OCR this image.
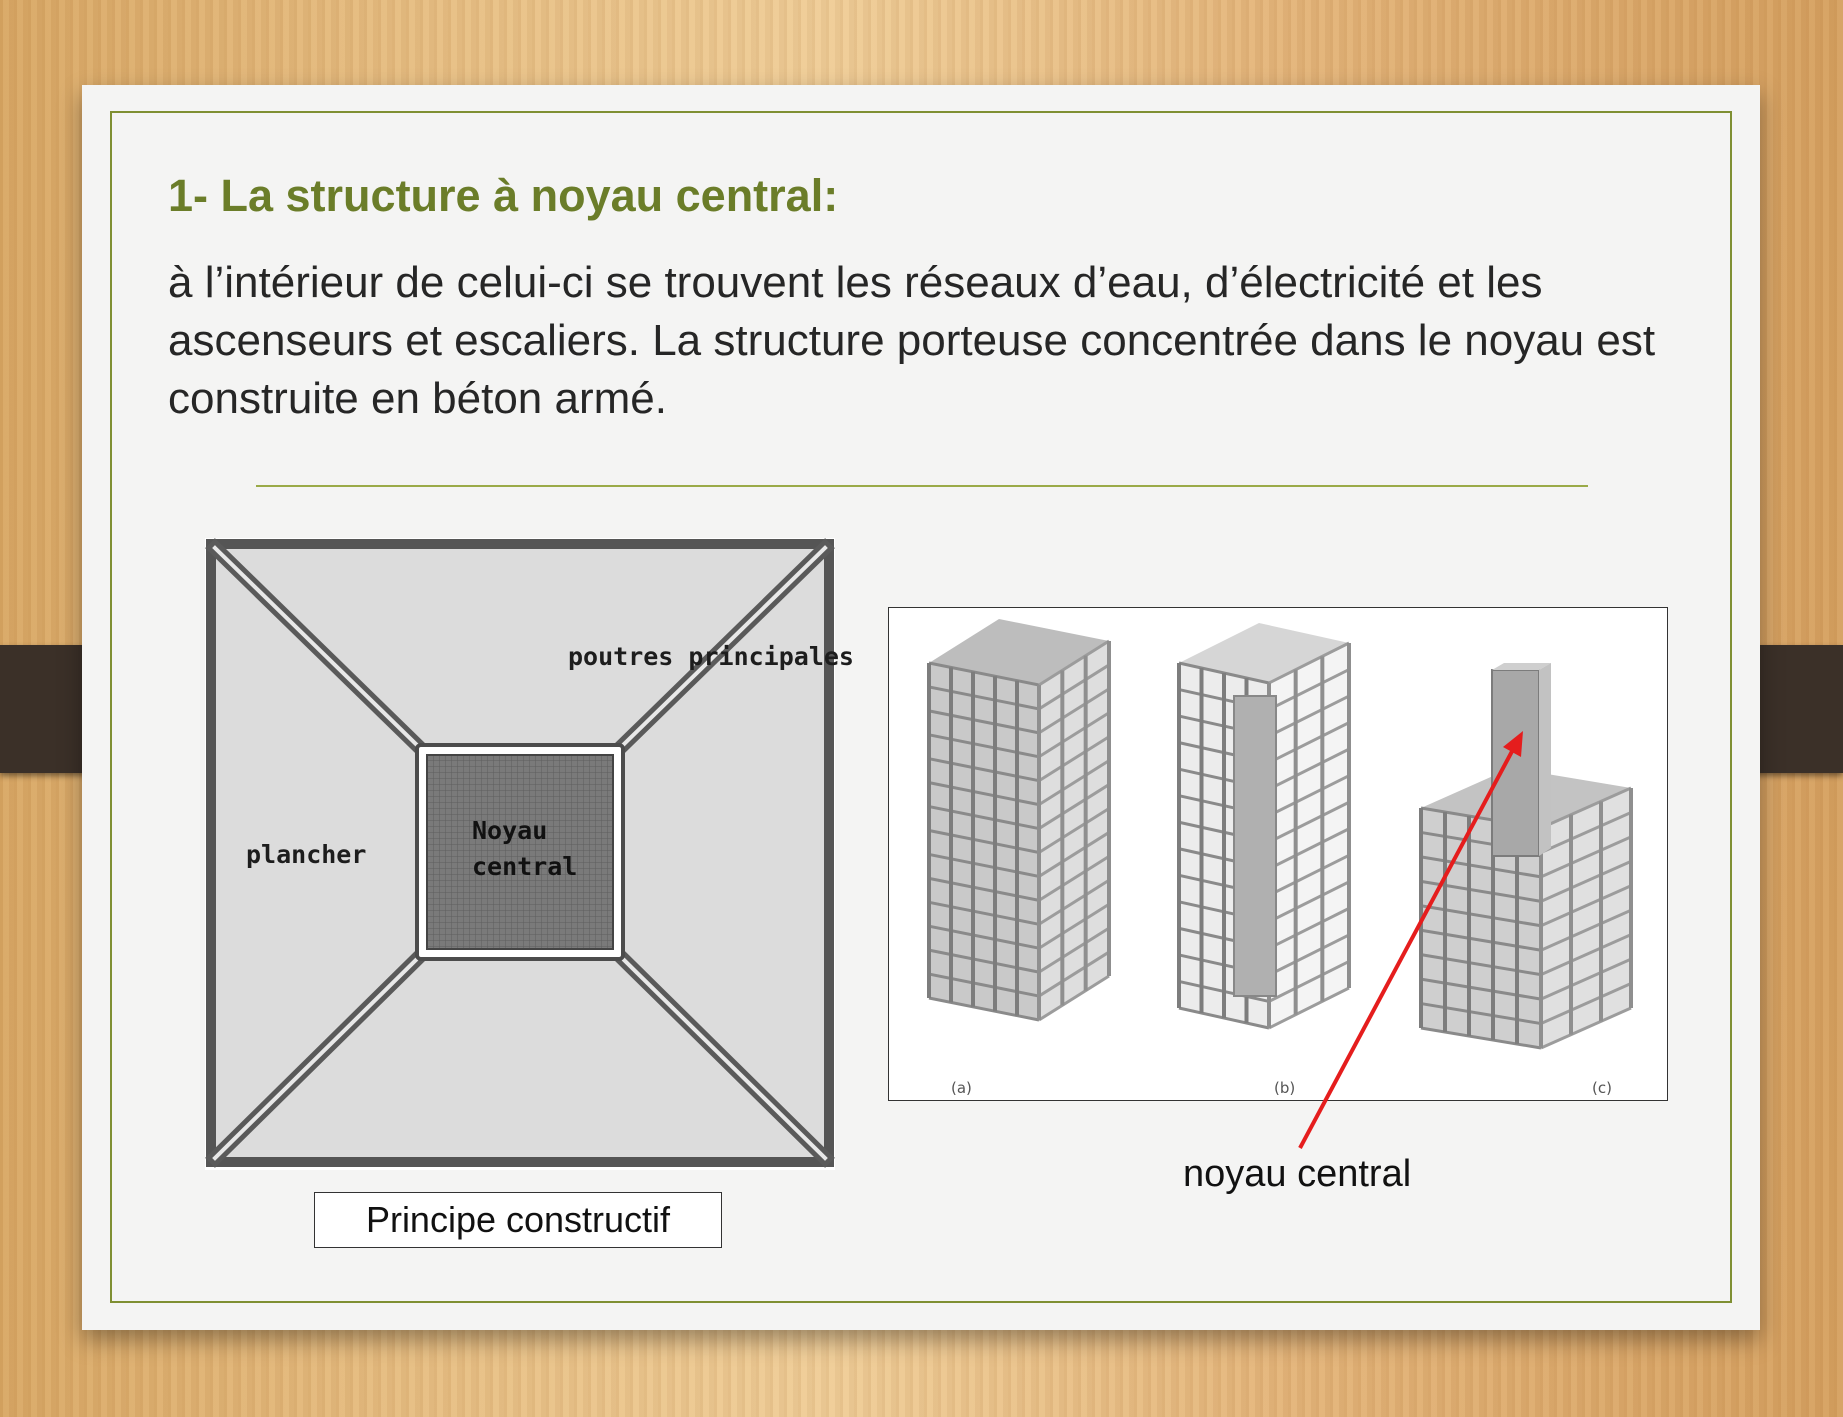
1- La structure à noyau central:

à l’intérieur de celui-ci se trouvent les réseaux d’eau, d’électricité et les ascenseurs et escaliers. La structure porteuse concentrée dans le noyau est construite en béton armé.

poutres principales
plancher
Noyau
central
Principe constructif
(a)	(b)	(c)
noyau central
